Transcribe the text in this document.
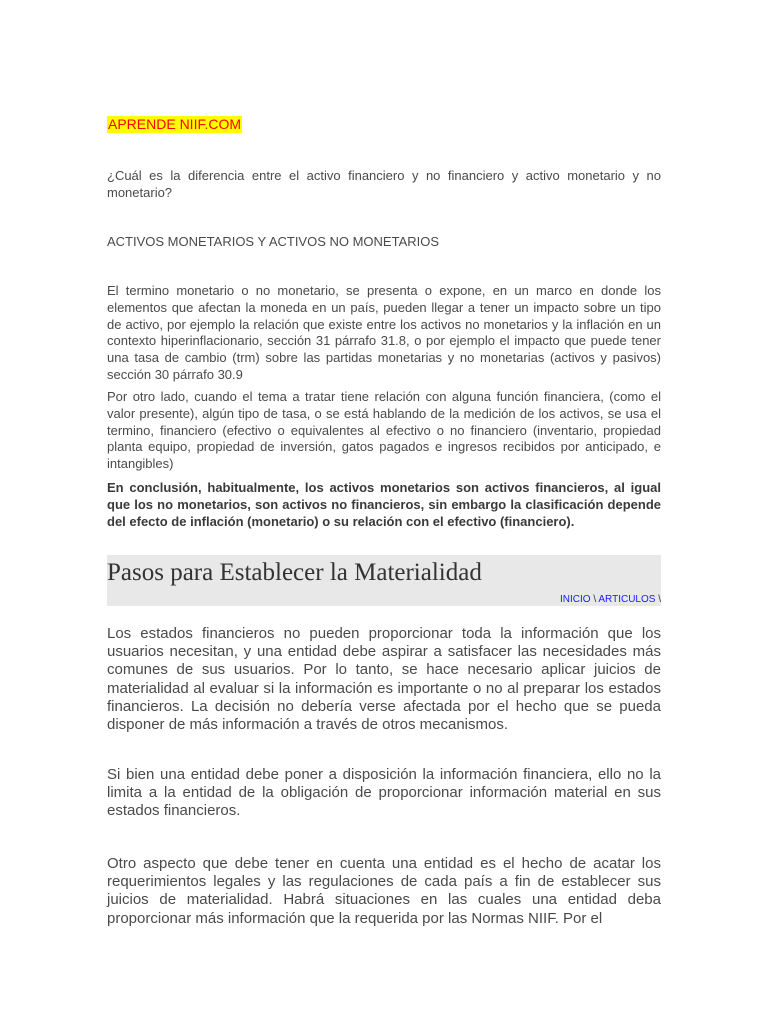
APRENDE NIIF.COM
¿Cuál es la diferencia entre el activo financiero y no financiero y activo monetario y no monetario?
ACTIVOS MONETARIOS Y ACTIVOS NO MONETARIOS

El termino monetario o no monetario, se presenta o expone, en un marco en donde los elementos que afectan la moneda en un país, pueden llegar a tener un impacto sobre un tipo de activo, por ejemplo la relación que existe entre los activos no monetarios y la inflación en un contexto hiperinflacionario, sección 31 párrafo 31.8, o por ejemplo el impacto que puede tener una tasa de cambio (trm) sobre las partidas monetarias y no monetarias (activos y pasivos) sección 30 párrafo 30.9

Por otro lado, cuando el tema a tratar tiene relación con alguna función financiera, (como el valor presente), algún tipo de tasa, o se está hablando de la medición de los activos, se usa el termino, financiero (efectivo o equivalentes al efectivo o no financiero (inventario, propiedad planta equipo, propiedad de inversión, gatos pagados e ingresos recibidos por anticipado, e intangibles)

En conclusión, habitualmente, los activos monetarios son activos financieros, al igual que los no monetarios, son activos no financieros, sin embargo la clasificación depende del efecto de inflación (monetario) o su relación con el efectivo (financiero).

Pasos para Establecer la Materialidad
INICIO \ ARTICULOS \

Los estados financieros no pueden proporcionar toda la información que los usuarios necesitan, y una entidad debe aspirar a satisfacer las necesidades más comunes de sus usuarios. Por lo tanto, se hace necesario aplicar juicios de materialidad al evaluar si la información es importante o no al preparar los estados financieros. La decisión no debería verse afectada por el hecho que se pueda disponer de más información a través de otros mecanismos.

Si bien una entidad debe poner a disposición la información financiera, ello no la limita a la entidad de la obligación de proporcionar información material en sus estados financieros.

Otro aspecto que debe tener en cuenta una entidad es el hecho de acatar los requerimientos legales y las regulaciones de cada país a fin de establecer sus juicios de materialidad. Habrá situaciones en las cuales una entidad deba proporcionar más información que la requerida por las Normas NIIF. Por el
